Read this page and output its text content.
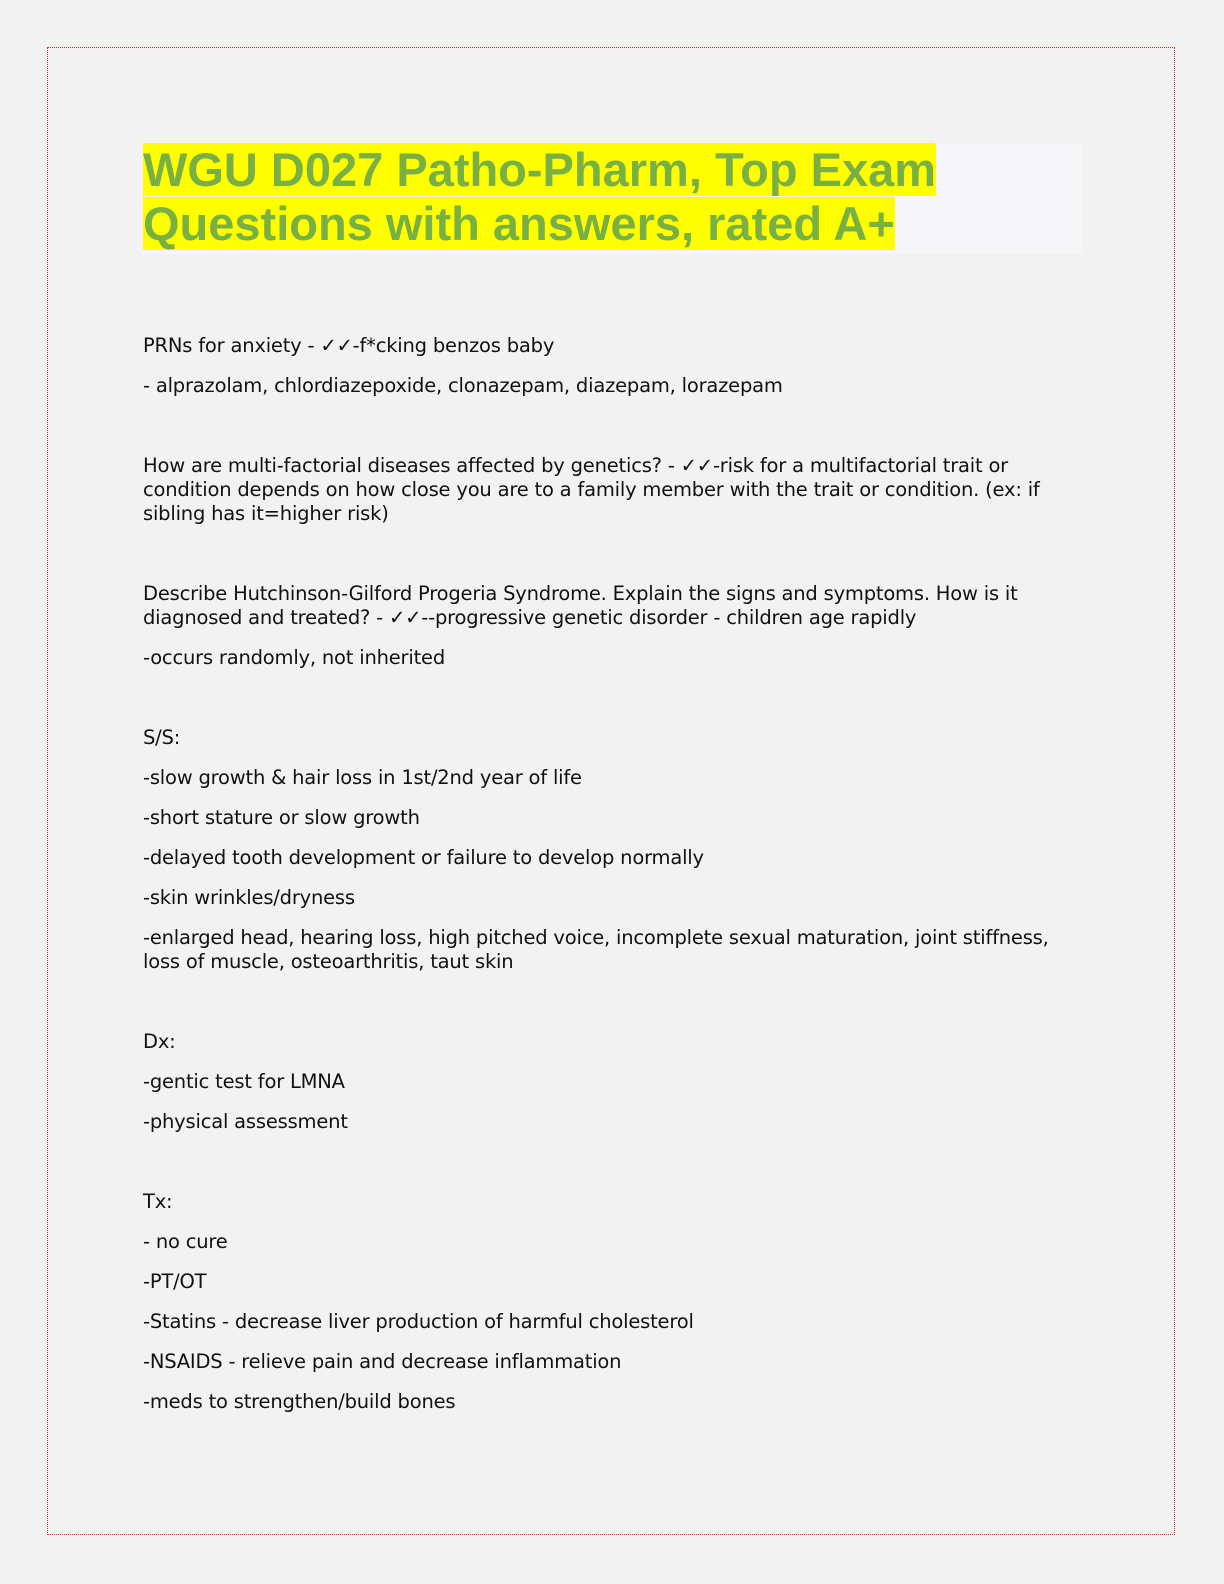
WGU D027 Patho-Pharm, Top Exam Questions with answers, rated A+

PRNs for anxiety - ✓✓-f*cking benzos baby

- alprazolam, chlordiazepoxide, clonazepam, diazepam, lorazepam

How are multi-factorial diseases affected by genetics? - ✓✓-risk for a multifactorial trait or condition depends on how close you are to a family member with the trait or condition. (ex: if sibling has it=higher risk)

Describe Hutchinson-Gilford Progeria Syndrome. Explain the signs and symptoms. How is it diagnosed and treated? - ✓✓--progressive genetic disorder - children age rapidly

-occurs randomly, not inherited

S/S:

-slow growth & hair loss in 1st/2nd year of life

-short stature or slow growth

-delayed tooth development or failure to develop normally

-skin wrinkles/dryness

-enlarged head, hearing loss, high pitched voice, incomplete sexual maturation, joint stiffness, loss of muscle, osteoarthritis, taut skin

Dx:

-gentic test for LMNA

-physical assessment

Tx:

- no cure

-PT/OT

-Statins - decrease liver production of harmful cholesterol

-NSAIDS - relieve pain and decrease inflammation

-meds to strengthen/build bones
